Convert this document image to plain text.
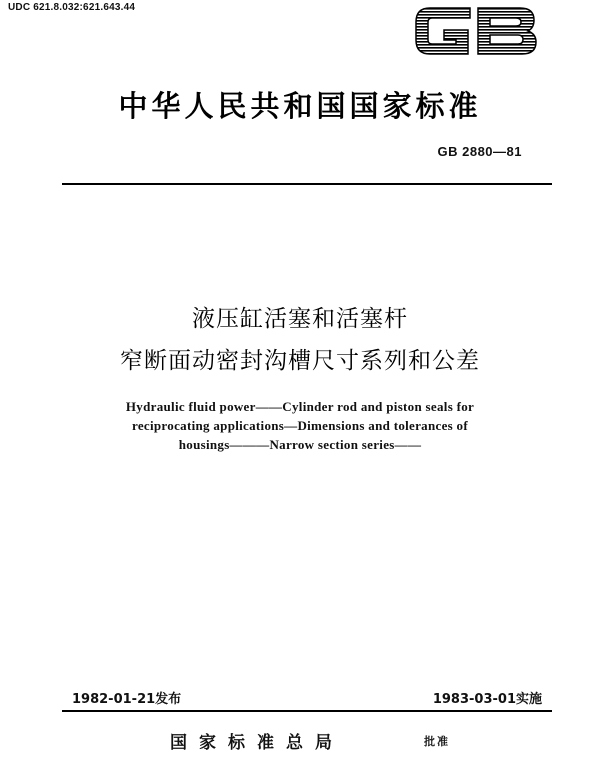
UDC 621.8.032:621.643.44
中华人民共和国国家标准
GB 2880—81
液压缸活塞和活塞杆
窄断面动密封沟槽尺寸系列和公差
Hydraulic fluid power——Cylinder rod and piston seals for
reciprocating applications—Dimensions and tolerances of
housings———Narrow section series——
1982-01-21发布	1983-03-01实施
国家标准总局	批准
